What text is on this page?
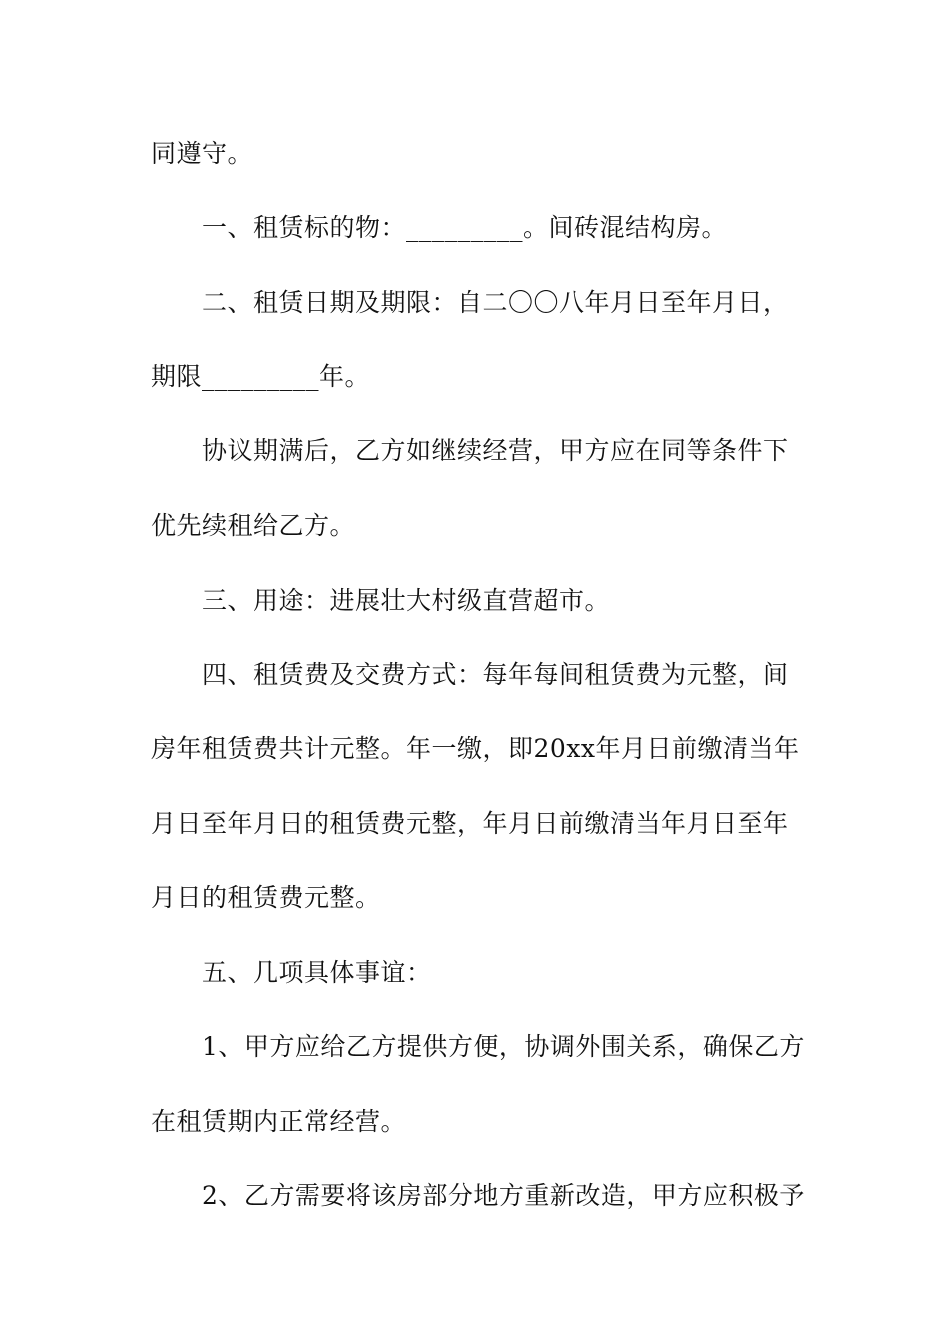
同遵守。
一、租赁标的物：_________。间砖混结构房。
二、租赁日期及期限：自二〇〇八年月日至年月日，
期限_________年。
协议期满后，乙方如继续经营，甲方应在同等条件下
优先续租给乙方。
三、用途：进展壮大村级直营超市。
四、租赁费及交费方式：每年每间租赁费为元整，间
房年租赁费共计元整。年一缴，即20xx年月日前缴清当年
月日至年月日的租赁费元整，年月日前缴清当年月日至年
月日的租赁费元整。
五、几项具体事谊：
1、甲方应给乙方提供方便，协调外围关系，确保乙方
在租赁期内正常经营。
2、乙方需要将该房部分地方重新改造，甲方应积极予
